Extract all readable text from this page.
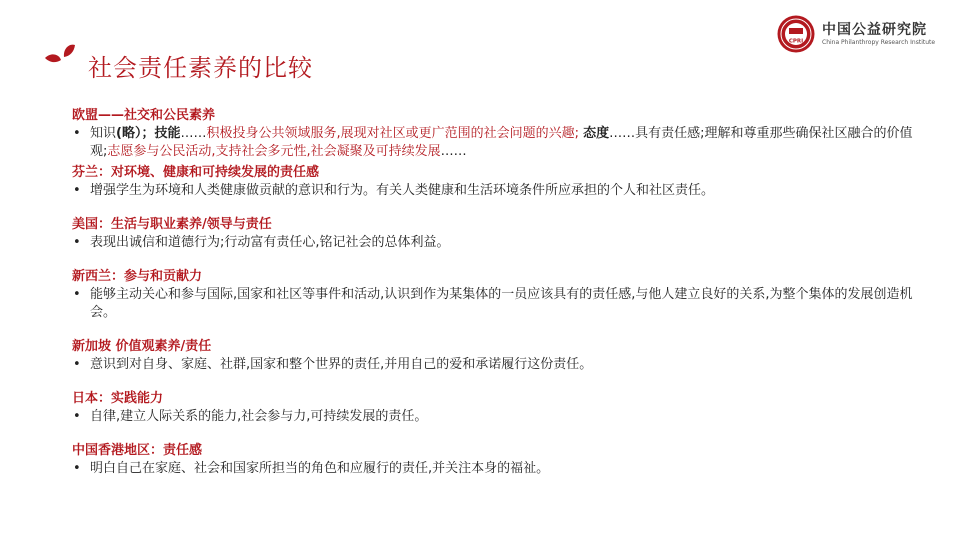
社会责任素养的比较
CPRI
中国公益研究院
China Philanthropy Research Institute
欧盟——社交和公民素养
• 知识(略）；技能……积极投身公共领域服务,展现对社区或更广范围的社会问题的兴趣; 态度……具有责任感;理解和尊重那些确保社区融合的价值观;志愿参与公民活动,支持社会多元性,社会凝聚及可持续发展……
芬兰：对环境、健康和可持续发展的责任感
• 增强学生为环境和人类健康做贡献的意识和行为。有关人类健康和生活环境条件所应承担的个人和社区责任。
美国：生活与职业素养/领导与责任
• 表现出诚信和道德行为;行动富有责任心,铭记社会的总体利益。
新西兰：参与和贡献力
• 能够主动关心和参与国际,国家和社区等事件和活动,认识到作为某集体的一员应该具有的责任感,与他人建立良好的关系,为整个集体的发展创造机会。
新加坡 价值观素养/责任
• 意识到对自身、家庭、社群,国家和整个世界的责任,并用自己的爱和承诺履行这份责任。
日本：实践能力
• 自律,建立人际关系的能力,社会参与力,可持续发展的责任。
中国香港地区：责任感
• 明白自己在家庭、社会和国家所担当的角色和应履行的责任,并关注本身的福祉。
